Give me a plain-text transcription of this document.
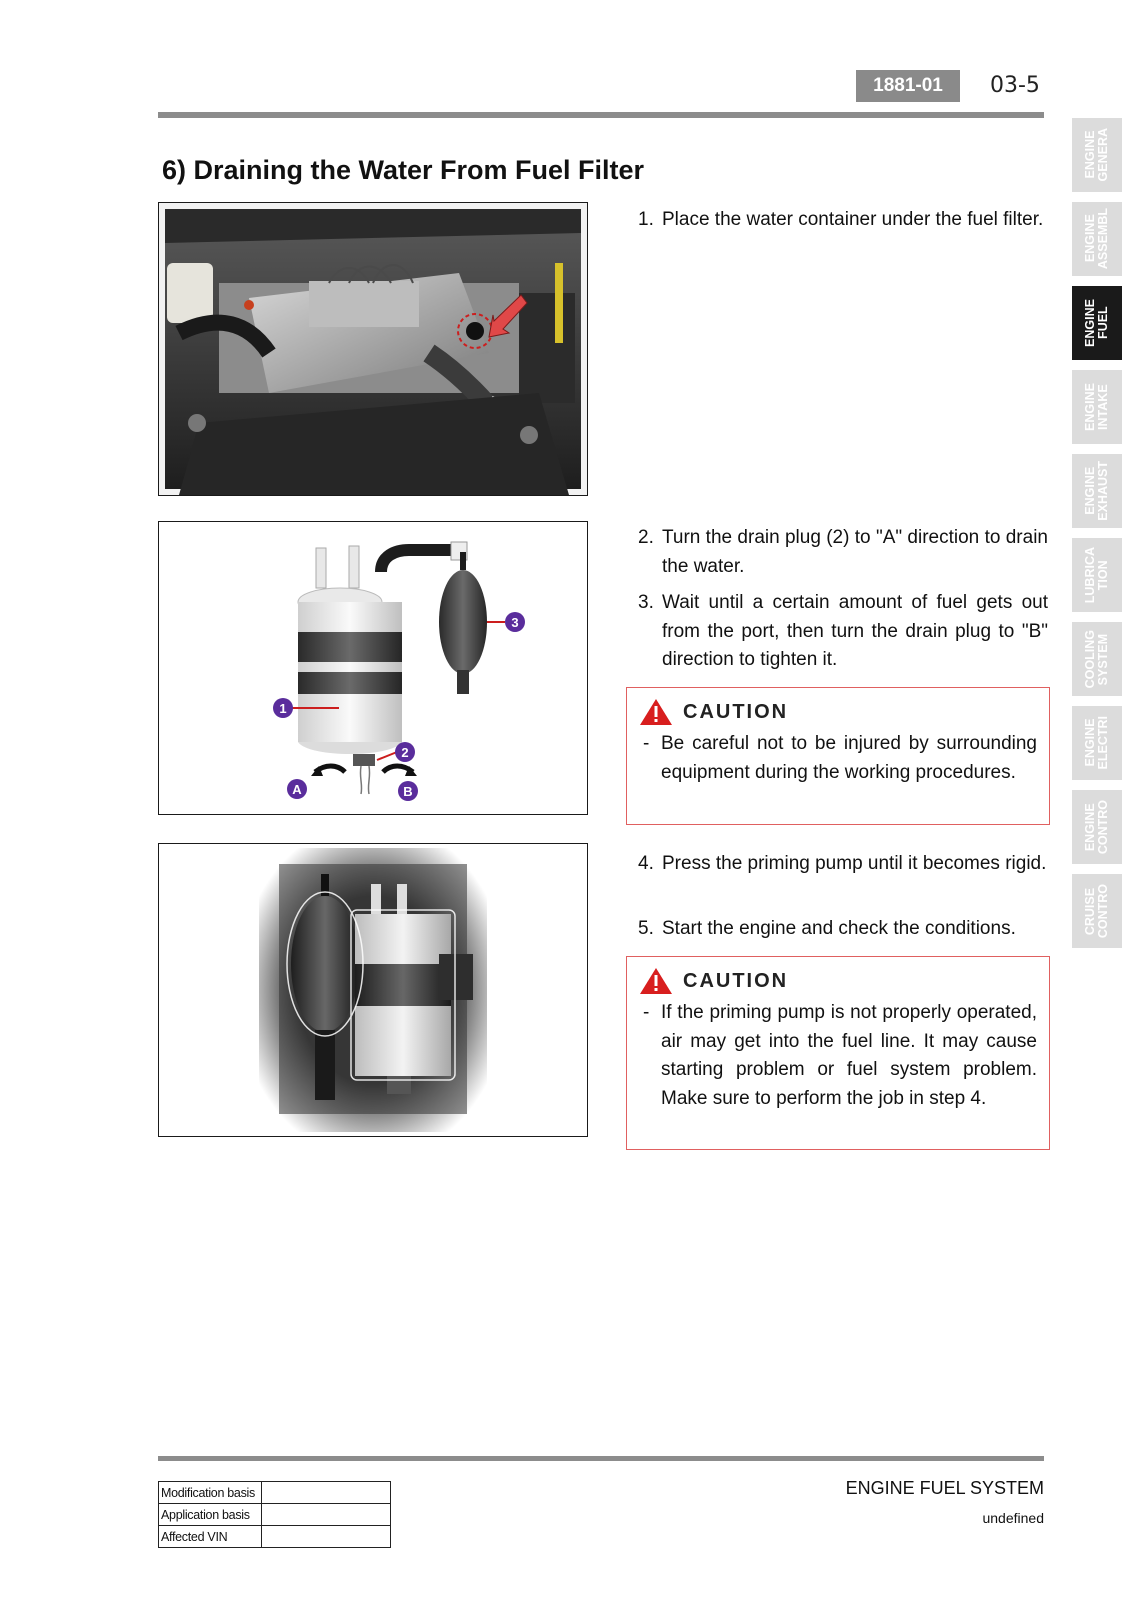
1881-01	03-5
ENGINE
GENERA
ENGINE
ASSEMBL
ENGINE
FUEL
ENGINE
INTAKE
ENGINE
EXHAUST
LUBRICA
TION
COOLING
SYSTEM
ENGINE
ELECTRI
ENGINE
CONTRO
CRUISE
CONTRO
6) Draining the Water From Fuel Filter
1
2
3
A	B
1. Place the water container under the fuel filter.
2. Turn the drain plug (2) to "A" direction to drain the water.
3. Wait until a certain amount of fuel gets out from the port, then turn the drain plug to "B" direction to tighten it.
CAUTION
- Be careful not to be injured by surrounding equipment during the working procedures.
4. Press the priming pump until it becomes rigid.
5. Start the engine and check the conditions.
CAUTION
- If the priming pump is not properly operated, air may get into the fuel line. It may cause starting problem or fuel system problem. Make sure to perform the job in step 4.
Modification basis	
Application basis	
Affected VIN	
ENGINE FUEL SYSTEM
undefined
